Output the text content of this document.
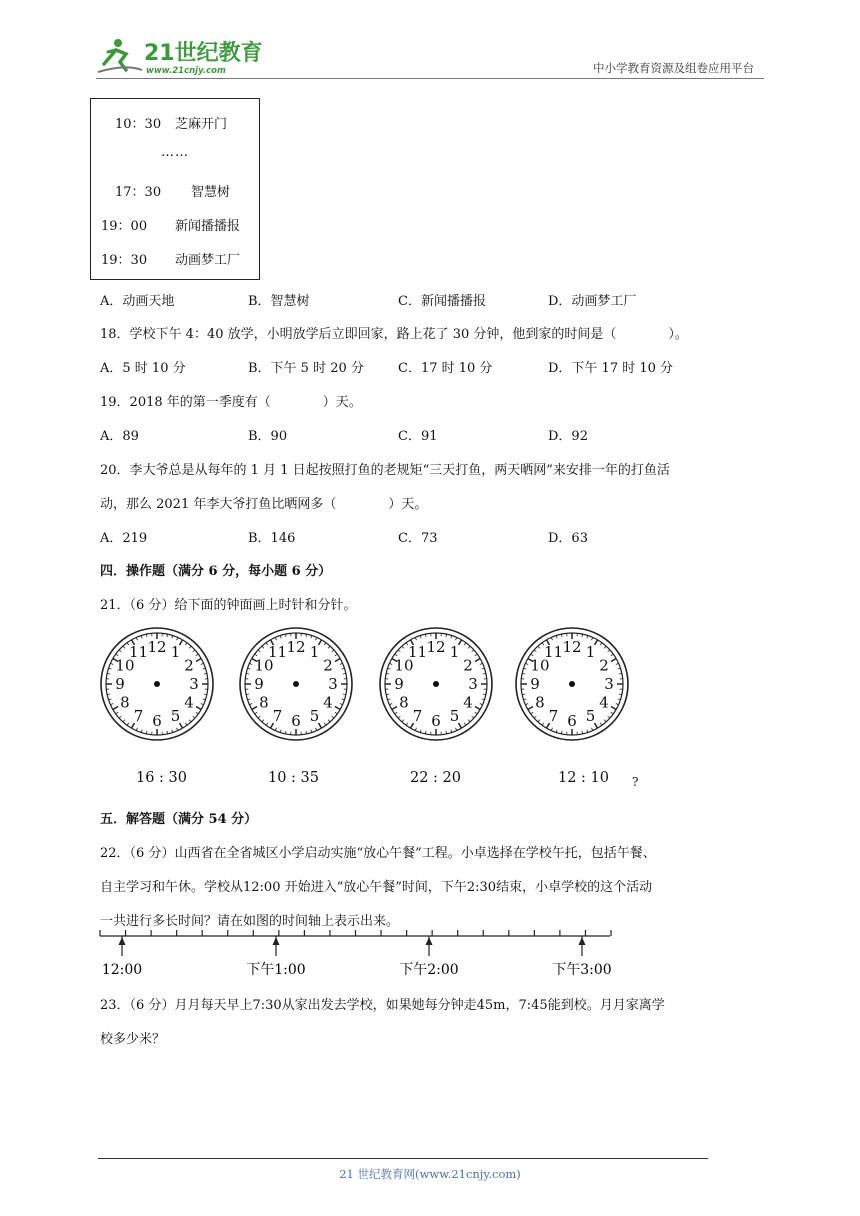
21世纪教育
www.21cnjy.com	中小学教育资源及组卷应用平台
10：30 芝麻开门
……
17：30 智慧树
19：00 新闻播播报
19：30 动画梦工厂
A．动画天地	B．智慧树	C．新闻播播报	D．动画梦工厂
18．学校下午 4：40 放学，小明放学后立即回家，路上花了 30 分钟，他到家的时间是（　　　　）。
A．5 时 10 分	B．下午 5 时 20 分	C．17 时 10 分	D．下午 17 时 10 分
19．2018 年的第一季度有（　　　　）天。
A．89	B．90	C．91	D．92
20．李大爷总是从每年的 1 月 1 日起按照打鱼的老规矩“三天打鱼，两天晒网”来安排一年的打鱼活
动，那么 2021 年李大爷打鱼比晒网多（　　　　）天。
A．219	B．146	C．73	D．63
四．操作题（满分 6 分，每小题 6 分）
21．（6 分）给下面的钟面画上时针和分针。
12 1
2
3
4
5
6
7
8
9
10
11	12 1
2
3
4
5
6
7
8
9
10
11	12 1
2
3
4
5
6
7
8
9
10
11	12 1
2
3
4
5
6
7
8
9
10
11
16 : 30	10 : 35	22 : 20	12 : 10 ?
五．解答题（满分 54 分）
22．（6 分）山西省在全省城区小学启动实施“放心午餐”工程。小卓选择在学校午托，包括午餐、
自主学习和午休。学校从12:00 开始进入“放心午餐”时间，下午2:30结束，小卓学校的这个活动
一共进行多长时间？请在如图的时间轴上表示出来。
12:00	下午1:00	下午2:00	下午3:00
23．（6 分）月月每天早上7:30从家出发去学校，如果她每分钟走45m，7:45能到校。月月家离学
校多少米？
21 世纪教育网(www.21cnjy.com)
